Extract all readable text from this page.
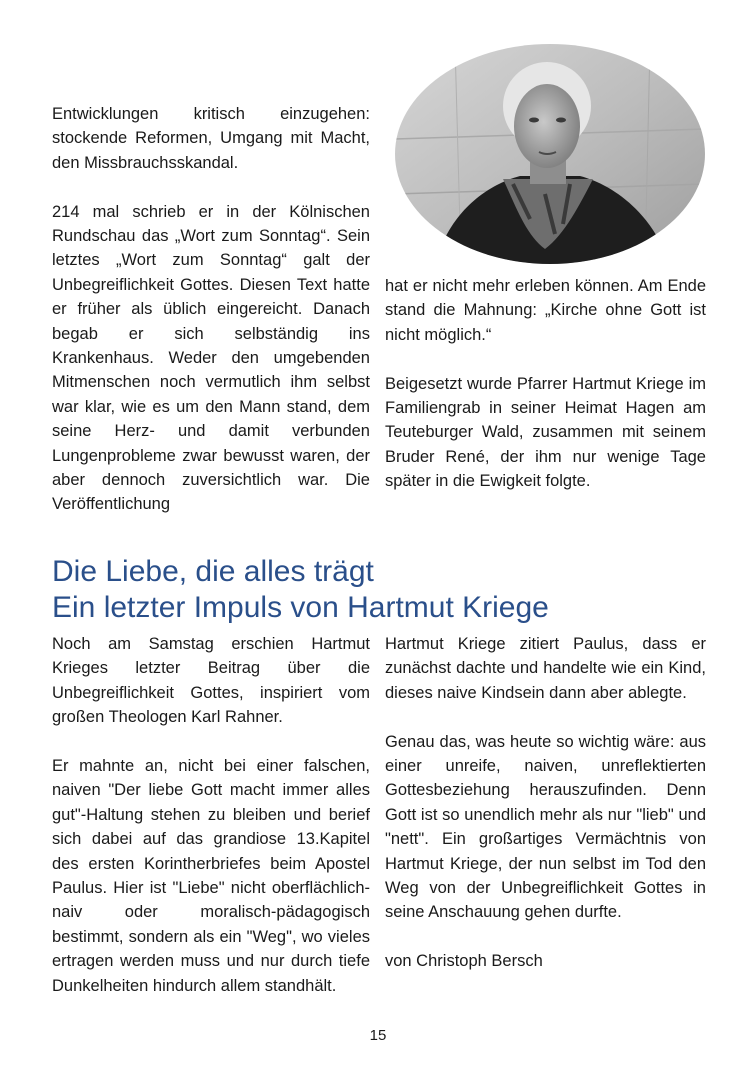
Entwicklungen kritisch einzugehen: stockende Reformen, Umgang mit Macht, den Missbrauchsskandal.

214 mal schrieb er in der Kölnischen Rundschau das „Wort zum Sonntag“. Sein letztes „Wort zum Sonntag“ galt der Unbegreiflichkeit Gottes. Diesen Text hatte er früher als üblich eingereicht. Danach begab er sich selbständig ins Krankenhaus. Weder den umgebenden Mitmenschen noch vermutlich ihm selbst war klar, wie es um den Mann stand, dem seine Herz- und damit verbunden Lungenprobleme zwar bewusst waren, der aber dennoch zuversichtlich war. Die Veröffentlichung

hat er nicht mehr erleben können. Am Ende stand die Mahnung: „Kirche ohne Gott ist nicht möglich.“

Beigesetzt wurde Pfarrer Hartmut Kriege im Familiengrab in seiner Heimat Hagen am Teuteburger Wald, zusammen mit seinem Bruder René, der ihm nur wenige Tage später in die Ewigkeit folgte.

Die Liebe, die alles trägt
Ein letzter Impuls von Hartmut Kriege

Noch am Samstag erschien Hartmut Krieges letzter Beitrag über die Unbegreiflichkeit Gottes, inspiriert vom großen Theologen Karl Rahner.

Er mahnte an, nicht bei einer falschen, naiven "Der liebe Gott macht immer alles gut"-Haltung stehen zu bleiben und berief sich dabei auf das grandiose 13.Kapitel des ersten Korintherbriefes beim Apostel Paulus. Hier ist "Liebe" nicht oberflächlich-naiv oder moralisch-pädagogisch bestimmt, sondern als ein "Weg", wo vieles ertragen werden muss und nur durch tiefe Dunkelheiten hindurch allem standhält.

Hartmut Kriege zitiert Paulus, dass er zunächst dachte und handelte wie ein Kind, dieses naive Kindsein dann aber ablegte.

Genau das, was heute so wichtig wäre: aus einer unreife, naiven, unreflektierten Gottesbeziehung herauszufinden. Denn Gott ist so unendlich mehr als nur "lieb" und "nett". Ein großartiges Vermächtnis von Hartmut Kriege, der nun selbst im Tod den Weg von der Unbegreiflichkeit Gottes in seine Anschauung gehen durfte.

von Christoph Bersch

15
